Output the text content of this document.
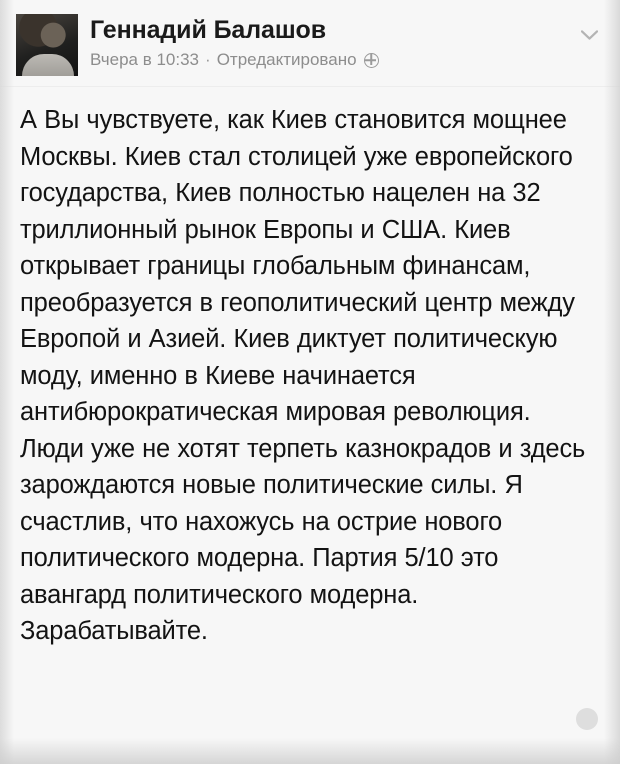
Геннадий Балашов
Вчера в 10:33 · Отредактировано
А Вы чувствуете, как Киев становится мощнее Москвы. Киев стал столицей уже европейского государства, Киев полностью нацелен на 32 триллионный рынок Европы и США. Киев открывает границы глобальным финансам, преобразуется в геополитический центр между Европой и Азией. Киев диктует политическую моду, именно в Киеве начинается антибюрократическая мировая революция. Люди уже не хотят терпеть казнокрадов и здесь зарождаются новые политические силы. Я счастлив, что нахожусь на острие нового политического модерна. Партия 5/10 это авангард политического модерна. Зарабатывайте.
